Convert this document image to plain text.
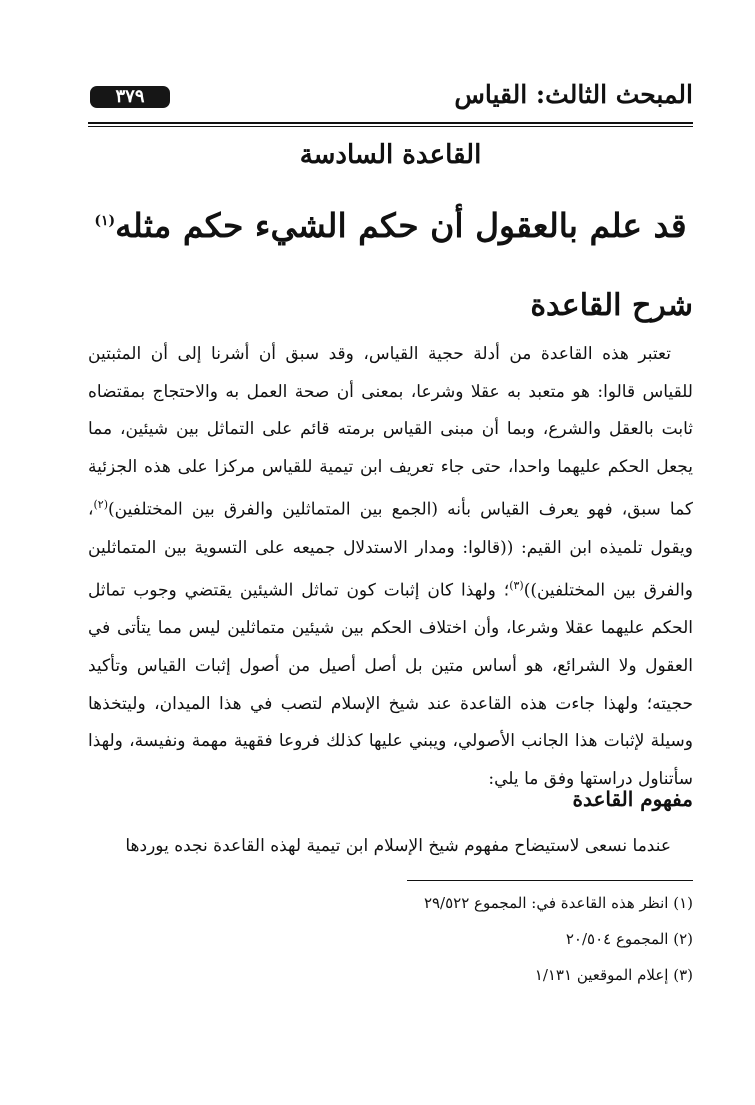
المبحث الثالث: القياس
٣٧٩
القاعدة السادسة
قد علم بالعقول أن حكم الشيء حكم مثله$^{(١)}$
شرح القاعدة

تعتبر هذه القاعدة من أدلة حجية القياس، وقد سبق أن أشرنا إلى أن المثبتين للقياس قالوا: هو متعبد به عقلا وشرعا، بمعنى أن صحة العمل به والاحتجاج بمقتضاه ثابت بالعقل والشرع، وبما أن مبنى القياس برمته قائم على التماثل بين شيئين، مما يجعل الحكم عليهما واحدا، حتى جاء تعريف ابن تيمية للقياس مركزا على هذه الجزئية كما سبق، فهو يعرف القياس بأنه (الجمع بين المتماثلين والفرق بين المختلفين)$^{(٢)}$، ويقول تلميذه ابن القيم: ((قالوا: ومدار الاستدلال جميعه على التسوية بين المتماثلين والفرق بين المختلفين))$^{(٣)}$؛ ولهذا كان إثبات كون تماثل الشيئين يقتضي وجوب تماثل الحكم عليهما عقلا وشرعا، وأن اختلاف الحكم بين شيئين متماثلين ليس مما يتأتى في العقول ولا الشرائع، هو أساس متين بل أصل أصيل من أصول إثبات القياس وتأكيد حجيته؛ ولهذا جاءت هذه القاعدة عند شيخ الإسلام لتصب في هذا الميدان، وليتخذها وسيلة لإثبات هذا الجانب الأصولي، ويبني عليها كذلك فروعا فقهية مهمة ونفيسة، ولهذا سأتناول دراستها وفق ما يلي:

مفهوم القاعدة
عندما نسعى لاستيضاح مفهوم شيخ الإسلام ابن تيمية لهذه القاعدة نجده يوردها
(١) انظر هذه القاعدة في: المجموع ٢٩/٥٢٢
(٢) المجموع ٢٠/٥٠٤
(٣) إعلام الموقعين ١/١٣١
